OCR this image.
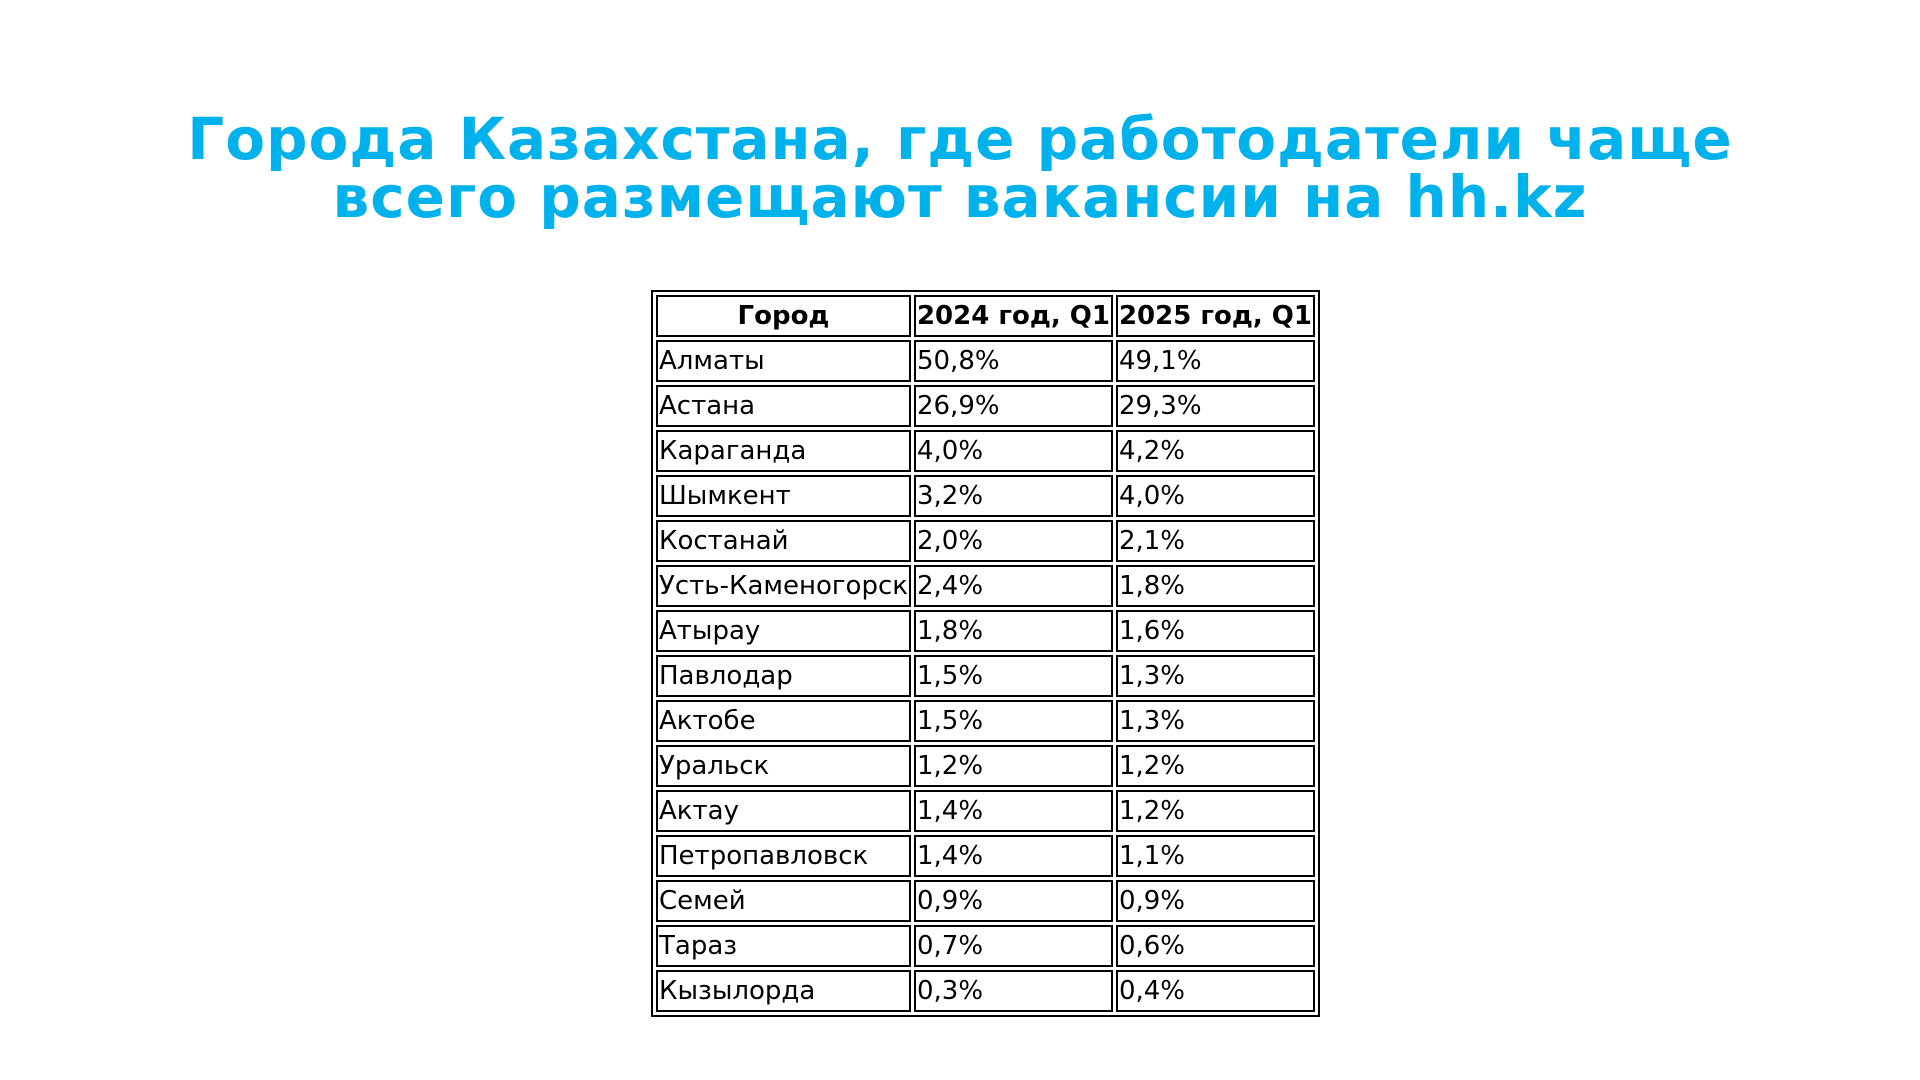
Города Казахстана, где работодатели чаще
всего размещают вакансии на hh.kz
Город	2024 год, Q1	2025 год, Q1
Алматы	50,8%	49,1%
Астана	26,9%	29,3%
Караганда	4,0%	4,2%
Шымкент	3,2%	4,0%
Костанай	2,0%	2,1%
Усть-Каменогорск	2,4%	1,8%
Атырау	1,8%	1,6%
Павлодар	1,5%	1,3%
Актобе	1,5%	1,3%
Уральск	1,2%	1,2%
Актау	1,4%	1,2%
Петропавловск	1,4%	1,1%
Семей	0,9%	0,9%
Тараз	0,7%	0,6%
Кызылорда	0,3%	0,4%
